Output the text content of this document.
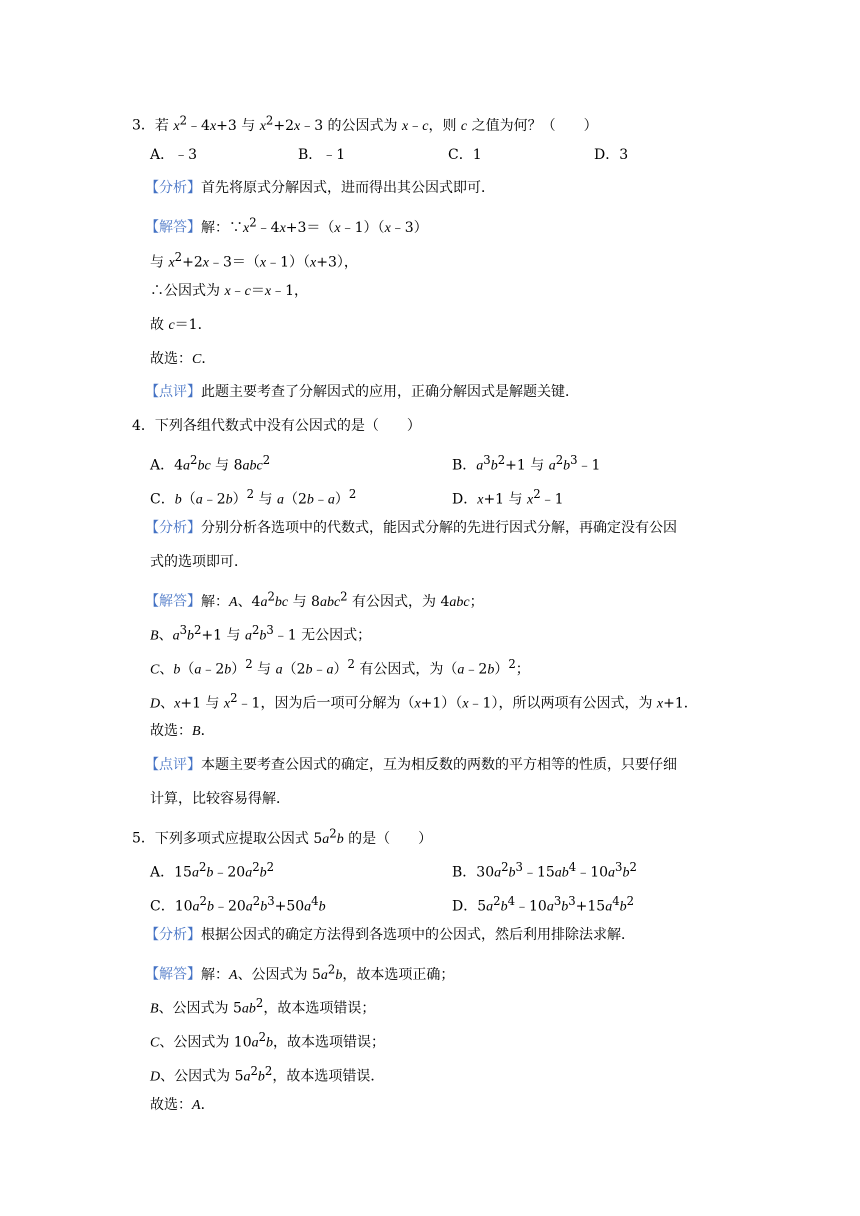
3．若 $x^2﹣4x+3$ 与 $x^2+2x﹣3$ 的公因式为 x﹣c，则 c 之值为何？（　　）
A．﹣3	B．﹣1	C．1	D．3
【分析】首先将原式分解因式，进而得出其公因式即可．
【解答】解：$\because x^2﹣4x+3=(x﹣1)(x﹣3)$
与 $x^2+2x﹣3=(x﹣1)(x+3)$，
∴公因式为 x﹣c＝x﹣1，
故 c＝1．
故选：C．
【点评】此题主要考查了分解因式的应用，正确分解因式是解题关键．
4．下列各组代数式中没有公因式的是（　　）
A．$4a^2bc$ 与 8abc$^2$	B．$a^3b^2+1$ 与 $a^2b^3﹣1$
C．b（a﹣2b）$^2$ 与 a（2b﹣a）$^2$	D．x+1 与 $x^2﹣1$
【分析】分别分析各选项中的代数式，能因式分解的先进行因式分解，再确定没有公因
式的选项即可．
【解答】解：A、$4a^2bc$ 与 8abc$^2$ 有公因式，为 4abc；
B、$a^3b^2+1$ 与 $a^2b^3﹣1$ 无公因式；
C、b（a﹣2b）$^2$ 与 a（2b﹣a）$^2$ 有公因式，为（a﹣2b）$^2$；
D、x+1 与 $x^2﹣1$，因为后一项可分解为（x+1）（x﹣1），所以两项有公因式，为 x+1．
故选：B．
【点评】本题主要考查公因式的确定，互为相反数的两数的平方相等的性质，只要仔细
计算，比较容易得解．
5．下列多项式应提取公因式 $5a^2b$ 的是（　　）
A．$15a^2b﹣20a^2b^2$	B．$30a^2b^3﹣15ab^4﹣10a^3b^2$
C．$10a^2b﹣20a^2b^3+50a^4b$	D．$5a^2b^4﹣10a^3b^3+15a^4b^2$
【分析】根据公因式的确定方法得到各选项中的公因式，然后利用排除法求解．
【解答】解：A、公因式为 $5a^2b$，故本选项正确；
B、公因式为 $5ab^2$，故本选项错误；
C、公因式为 $10a^2b$，故本选项错误；
D、公因式为 $5a^2b^2$，故本选项错误．
故选：A．
